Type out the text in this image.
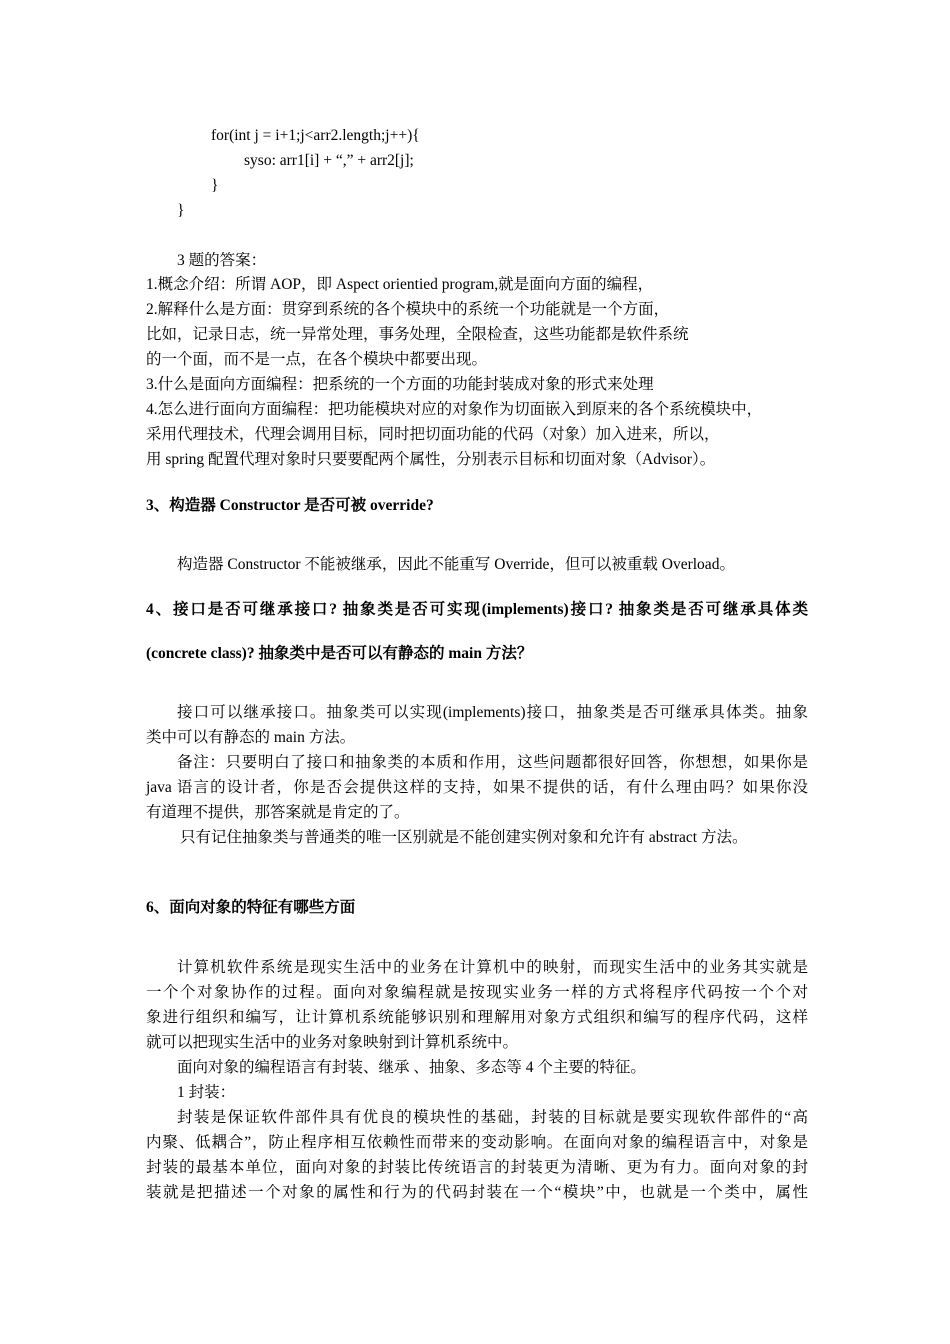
for(int j = i+1;j<arr2.length;j++){
syso: arr1[i] + “,” + arr2[j];
}
}
3 题的答案：
1.概念介绍：所谓 AOP，即 Aspect orientied program,就是面向方面的编程，
2.解释什么是方面：贯穿到系统的各个模块中的系统一个功能就是一个方面，
比如，记录日志，统一异常处理，事务处理，全限检查，这些功能都是软件系统
的一个面，而不是一点，在各个模块中都要出现。
3.什么是面向方面编程：把系统的一个方面的功能封装成对象的形式来处理
4.怎么进行面向方面编程：把功能模块对应的对象作为切面嵌入到原来的各个系统模块中，
采用代理技术，代理会调用目标，同时把切面功能的代码（对象）加入进来，所以，
用 spring 配置代理对象时只要要配两个属性，分别表示目标和切面对象（Advisor）。
3、构造器 Constructor 是否可被 override?
构造器 Constructor 不能被继承，因此不能重写 Override，但可以被重载 Overload。
4、接口是否可继承接口? 抽象类是否可实现(implements)接口? 抽象类是否可继承具体类
(concrete class)? 抽象类中是否可以有静态的 main 方法？
接口可以继承接口。抽象类可以实现(implements)接口，抽象类是否可继承具体类。抽象
类中可以有静态的 main 方法。
备注：只要明白了接口和抽象类的本质和作用，这些问题都很好回答，你想想，如果你是
java 语言的设计者，你是否会提供这样的支持，如果不提供的话，有什么理由吗？如果你没
有道理不提供，那答案就是肯定的了。
只有记住抽象类与普通类的唯一区别就是不能创建实例对象和允许有 abstract 方法。
6、面向对象的特征有哪些方面
计算机软件系统是现实生活中的业务在计算机中的映射，而现实生活中的业务其实就是
一个个对象协作的过程。面向对象编程就是按现实业务一样的方式将程序代码按一个个对
象进行组织和编写，让计算机系统能够识别和理解用对象方式组织和编写的程序代码，这样
就可以把现实生活中的业务对象映射到计算机系统中。
面向对象的编程语言有封装、继承 、抽象、多态等 4 个主要的特征。
1 封装：
封装是保证软件部件具有优良的模块性的基础，封装的目标就是要实现软件部件的“高
内聚、低耦合”，防止程序相互依赖性而带来的变动影响。在面向对象的编程语言中，对象是
封装的最基本单位，面向对象的封装比传统语言的封装更为清晰、更为有力。面向对象的封
装就是把描述一个对象的属性和行为的代码封装在一个“模块”中，也就是一个类中，属性
